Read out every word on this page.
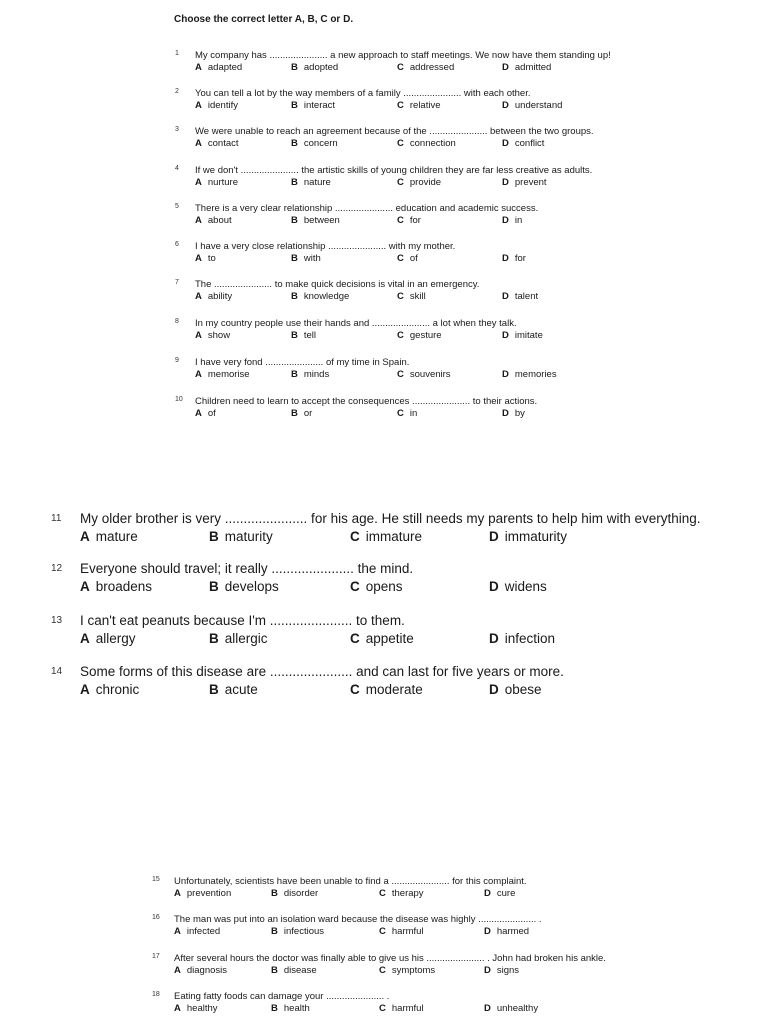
Choose the correct letter A, B, C or D.
1 My company has ...................... a new approach to staff meetings. We now have them standing up!
A adapted	B adopted	C addressed	D admitted
2 You can tell a lot by the way members of a family ...................... with each other.
A identify	B interact	C relative	D understand
3 We were unable to reach an agreement because of the ...................... between the two groups.
A contact	B concern	C connection	D conflict
4 If we don't ...................... the artistic skills of young children they are far less creative as adults.
A nurture	B nature	C provide	D prevent
5 There is a very clear relationship ...................... education and academic success.
A about	B between	C for	D in
6 I have a very close relationship ...................... with my mother.
A to	B with	C of	D for
7 The ...................... to make quick decisions is vital in an emergency.
A ability	B knowledge	C skill	D talent
8 In my country people use their hands and ...................... a lot when they talk.
A show	B tell	C gesture	D imitate
9 I have very fond ...................... of my time in Spain.
A memorise	B minds	C souvenirs	D memories
10 Children need to learn to accept the consequences ...................... to their actions.
A of	B or	C in	D by
11 My older brother is very ...................... for his age. He still needs my parents to help him with everything.
A mature	B maturity	C immature	D immaturity
12 Everyone should travel; it really ...................... the mind.
A broadens	B develops	C opens	D widens
13 I can't eat peanuts because I'm ...................... to them.
A allergy	B allergic	C appetite	D infection
14 Some forms of this disease are ...................... and can last for five years or more.
A chronic	B acute	C moderate	D obese
15 Unfortunately, scientists have been unable to find a ...................... for this complaint.
A prevention	B disorder	C therapy	D cure
16 The man was put into an isolation ward because the disease was highly ...................... .
A infected	B infectious	C harmful	D harmed
17 After several hours the doctor was finally able to give us his ...................... . John had broken his ankle.
A diagnosis	B disease	C symptoms	D signs
18 Eating fatty foods can damage your ...................... .
A healthy	B health	C harmful	D unhealthy
